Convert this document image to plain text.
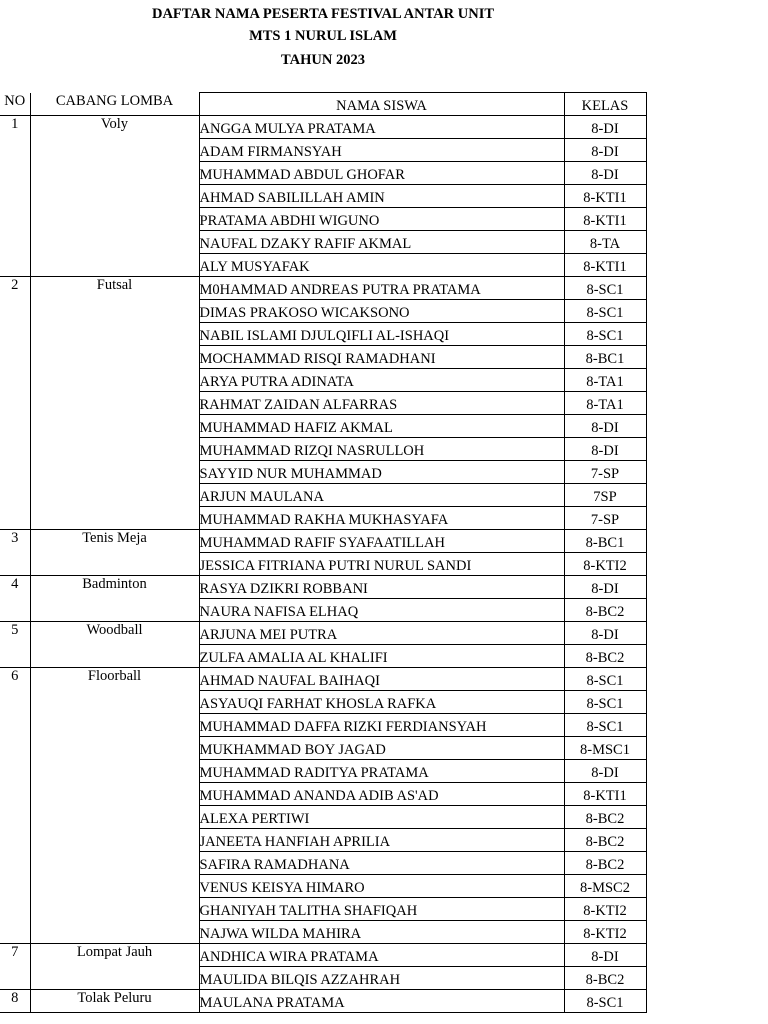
DAFTAR NAMA PESERTA FESTIVAL ANTAR UNIT
MTS 1 NURUL ISLAM
TAHUN 2023
NO	CABANG LOMBA	NAMA SISWA	KELAS
1	Voly	ANGGA MULYA PRATAMA	8-DI
		ADAM FIRMANSYAH	8-DI
		MUHAMMAD ABDUL GHOFAR	8-DI
		AHMAD SABILILLAH AMIN	8-KTI1
		PRATAMA ABDHI WIGUNO	8-KTI1
		NAUFAL DZAKY RAFIF AKMAL	8-TA
		ALY MUSYAFAK	8-KTI1
2	Futsal	M0HAMMAD ANDREAS PUTRA PRATAMA	8-SC1
		DIMAS PRAKOSO WICAKSONO	8-SC1
		NABIL ISLAMI DJULQIFLI AL-ISHAQI	8-SC1
		MOCHAMMAD RISQI RAMADHANI	8-BC1
		ARYA PUTRA ADINATA	8-TA1
		RAHMAT ZAIDAN ALFARRAS	8-TA1
		MUHAMMAD HAFIZ AKMAL	8-DI
		MUHAMMAD RIZQI NASRULLOH	8-DI
		SAYYID NUR MUHAMMAD	7-SP
		ARJUN MAULANA	7SP
		MUHAMMAD RAKHA MUKHASYAFA	7-SP
3	Tenis Meja	MUHAMMAD RAFIF SYAFAATILLAH	8-BC1
		JESSICA FITRIANA PUTRI NURUL SANDI	8-KTI2
4	Badminton	RASYA DZIKRI ROBBANI	8-DI
		NAURA NAFISA ELHAQ	8-BC2
5	Woodball	ARJUNA MEI PUTRA	8-DI
		ZULFA AMALIA AL KHALIFI	8-BC2
6	Floorball	AHMAD NAUFAL BAIHAQI	8-SC1
		ASYAUQI FARHAT KHOSLA RAFKA	8-SC1
		MUHAMMAD DAFFA RIZKI FERDIANSYAH	8-SC1
		MUKHAMMAD BOY JAGAD	8-MSC1
		MUHAMMAD RADITYA PRATAMA	8-DI
		MUHAMMAD ANANDA ADIB AS'AD	8-KTI1
		ALEXA PERTIWI	8-BC2
		JANEETA HANFIAH APRILIA	8-BC2
		SAFIRA RAMADHANA	8-BC2
		VENUS KEISYA HIMARO	8-MSC2
		GHANIYAH TALITHA SHAFIQAH	8-KTI2
		NAJWA WILDA MAHIRA	8-KTI2
7	Lompat Jauh	ANDHICA WIRA PRATAMA	8-DI
		MAULIDA BILQIS AZZAHRAH	8-BC2
8	Tolak Peluru	MAULANA PRATAMA	8-SC1
